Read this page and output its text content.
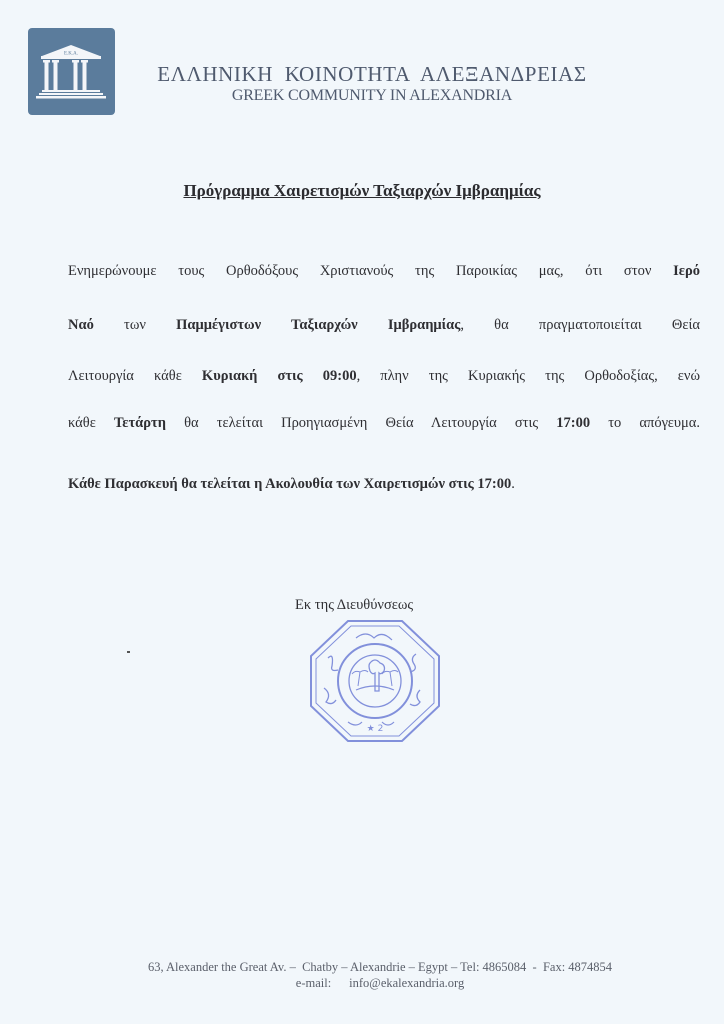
Ε.Κ.Α.
ΕΛΛΗΝΙΚΗ  ΚΟΙΝΟΤΗΤΑ  ΑΛΕΞΑΝΔΡΕΙΑΣ
GREEK COMMUNITY IN ALEXANDRIA
Πρόγραμμα Χαιρετισμών Ταξιαρχών Ιμβραημίας
Ενημερώνουμε τους Ορθοδόξους Χριστιανούς της Παροικίας μας, ότι στον Ιερό
Ναό των Παμμέγιστων Ταξιαρχών Ιμβραημίας, θα πραγματοποιείται Θεία
Λειτουργία κάθε Κυριακή στις 09:00, πλην της Κυριακής της Ορθοδοξίας, ενώ
κάθε Τετάρτη θα τελείται Προηγιασμένη Θεία Λειτουργία στις 17:00 το απόγευμα.
Κάθε Παρασκευή θα τελείται η Ακολουθία των Χαιρετισμών στις 17:00.
Εκ της Διευθύνσεως
★ 2
63, Alexander the Great Av. –  Chatby – Alexandrie – Egypt – Tel: 4865084  -  Fax: 4874854
e-mail: info@ekalexandria.org
